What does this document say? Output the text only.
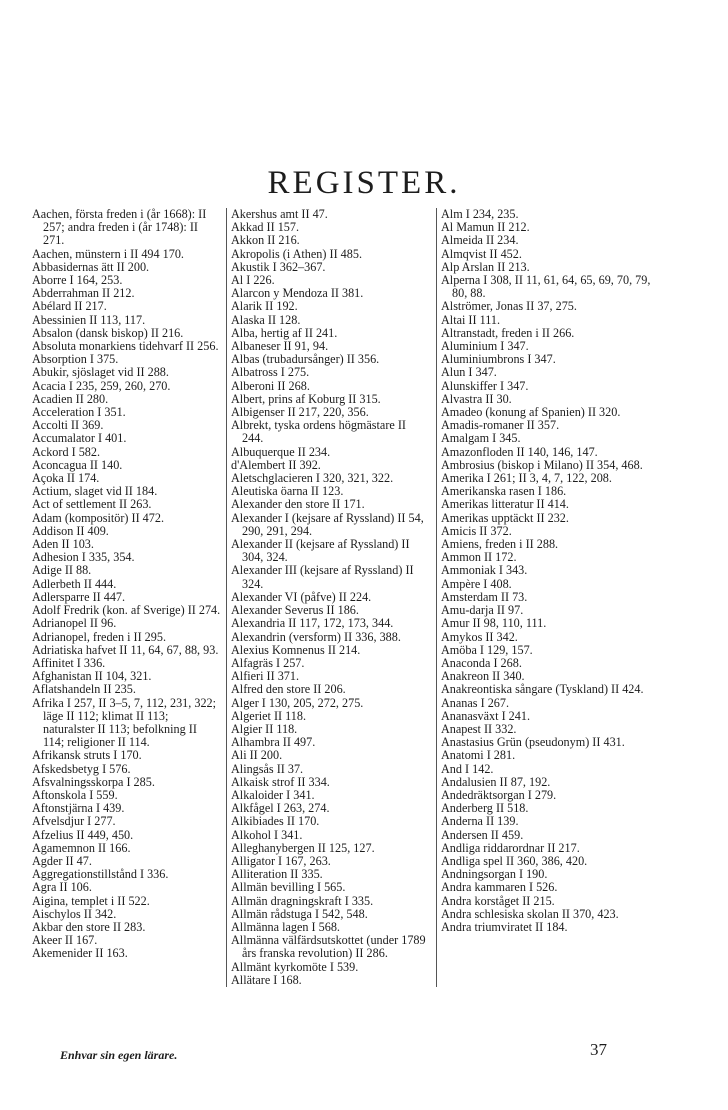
REGISTER.

Aachen, första freden i (år 1668): II 257; andra freden i (år 1748): II 271.

Aachen, münstern i II 494 170.

Abbasidernas ätt II 200.

Aborre I 164, 253.

Abderrahman II 212.

Abélard II 217.

Abessinien II 113, 117.

Absalon (dansk biskop) II 216.

Absoluta monarkiens tidehvarf II 256.

Absorption I 375.

Abukir, sjöslaget vid II 288.

Acacia I 235, 259, 260, 270.

Acadien II 280.

Acceleration I 351.

Accolti II 369.

Accumalator I 401.

Ackord I 582.

Aconcagua II 140.

Açoka II 174.

Actium, slaget vid II 184.

Act of settlement II 263.

Adam (kompositör) II 472.

Addison II 409.

Aden II 103.

Adhesion I 335, 354.

Adige II 88.

Adlerbeth II 444.

Adlersparre II 447.

Adolf Fredrik (kon. af Sverige) II 274.

Adrianopel II 96.

Adrianopel, freden i II 295.

Adriatiska hafvet II 11, 64, 67, 88, 93.

Affinitet I 336.

Afghanistan II 104, 321.

Aflatshandeln II 235.

Afrika I 257, II 3–5, 7, 112, 231, 322; läge II 112; klimat II 113; naturalster II 113; befolkning II 114; religioner II 114.

Afrikansk struts I 170.

Afskedsbetyg I 576.

Afsvalningsskorpa I 285.

Aftonskola I 559.

Aftonstjärna I 439.

Afvelsdjur I 277.

Afzelius II 449, 450.

Agamemnon II 166.

Agder II 47.

Aggregationstillstånd I 336.

Agra II 106.

Aigina, templet i II 522.

Aischylos II 342.

Akbar den store II 283.

Akeer II 167.

Akemenider II 163.

Akershus amt II 47.

Akkad II 157.

Akkon II 216.

Akropolis (i Athen) II 485.

Akustik I 362–367.

Al I 226.

Alarcon y Mendoza II 381.

Alarik II 192.

Alaska II 128.

Alba, hertig af II 241.

Albaneser II 91, 94.

Albas (trubadursånger) II 356.

Albatross I 275.

Alberoni II 268.

Albert, prins af Koburg II 315.

Albigenser II 217, 220, 356.

Albrekt, tyska ordens högmästare II 244.

Albuquerque II 234.

d'Alembert II 392.

Aletschglacieren I 320, 321, 322.

Aleutiska öarna II 123.

Alexander den store II 171.

Alexander I (kejsare af Ryssland) II 54, 290, 291, 294.

Alexander II (kejsare af Ryssland) II 304, 324.

Alexander III (kejsare af Ryssland) II 324.

Alexander VI (påfve) II 224.

Alexander Severus II 186.

Alexandria II 117, 172, 173, 344.

Alexandrin (versform) II 336, 388.

Alexius Komnenus II 214.

Alfagräs I 257.

Alfieri II 371.

Alfred den store II 206.

Alger I 130, 205, 272, 275.

Algeriet II 118.

Algier II 118.

Alhambra II 497.

Ali II 200.

Alingsås II 37.

Alkaisk strof II 334.

Alkaloider I 341.

Alkfågel I 263, 274.

Alkibiades II 170.

Alkohol I 341.

Alleghanybergen II 125, 127.

Alligator I 167, 263.

Alliteration II 335.

Allmän bevilling I 565.

Allmän dragningskraft I 335.

Allmän rådstuga I 542, 548.

Allmänna lagen I 568.

Allmänna välfärdsutskottet (under 1789 års franska revolution) II 286.

Allmänt kyrkomöte I 539.

Allätare I 168.

Alm I 234, 235.

Al Mamun II 212.

Almeida II 234.

Almqvist II 452.

Alp Arslan II 213.

Alperna I 308, II 11, 61, 64, 65, 69, 70, 79, 80, 88.

Alströmer, Jonas II 37, 275.

Altai II 111.

Altranstadt, freden i II 266.

Aluminium I 347.

Aluminiumbrons I 347.

Alun I 347.

Alunskiffer I 347.

Alvastra II 30.

Amadeo (konung af Spanien) II 320.

Amadis-romaner II 357.

Amalgam I 345.

Amazonfloden II 140, 146, 147.

Ambrosius (biskop i Milano) II 354, 468.

Amerika I 261; II 3, 4, 7, 122, 208.

Amerikanska rasen I 186.

Amerikas litteratur II 414.

Amerikas upptäckt II 232.

Amicis II 372.

Amiens, freden i II 288.

Ammon II 172.

Ammoniak I 343.

Ampère I 408.

Amsterdam II 73.

Amu-darja II 97.

Amur II 98, 110, 111.

Amykos II 342.

Amöba I 129, 157.

Anaconda I 268.

Anakreon II 340.

Anakreontiska sångare (Tyskland) II 424.

Ananas I 267.

Ananasväxt I 241.

Anapest II 332.

Anastasius Grün (pseudonym) II 431.

Anatomi I 281.

And I 142.

Andalusien II 87, 192.

Andedräktsorgan I 279.

Anderberg II 518.

Anderna II 139.

Andersen II 459.

Andliga riddarordnar II 217.

Andliga spel II 360, 386, 420.

Andningsorgan I 190.

Andra kammaren I 526.

Andra korståget II 215.

Andra schlesiska skolan II 370, 423.

Andra triumviratet II 184.

Enhvar sin egen lärare.	37
